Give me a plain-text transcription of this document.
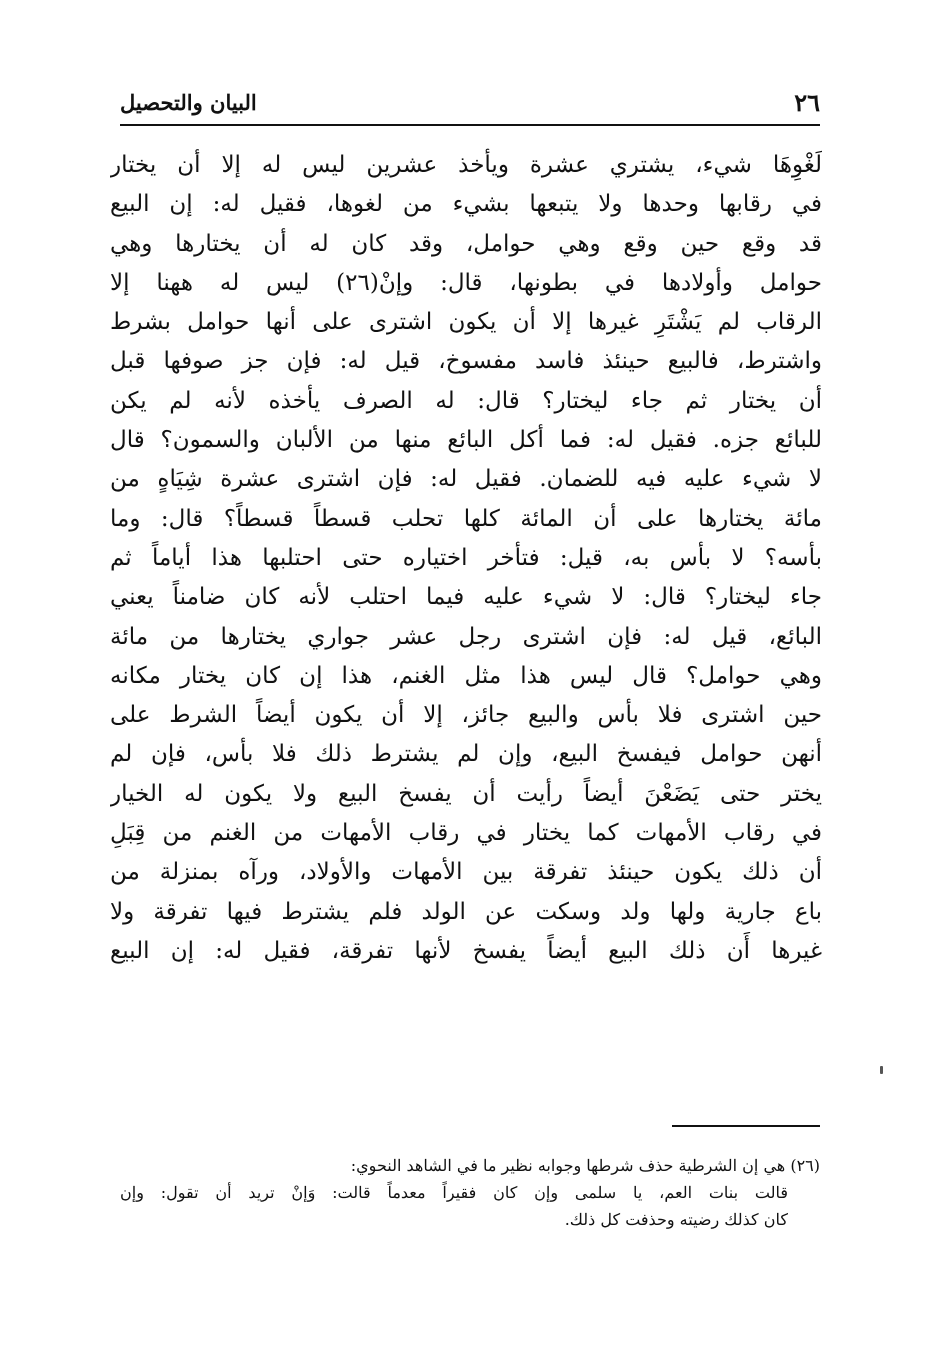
٢٦
البيان والتحصيل
لَغْوِهَا شيء، يشتري عشرة ويأخذ عشرين ليس له إلا أن يختار
في رقابها وحدها ولا يتبعها بشيء من لغوها، فقيل له: إن البيع
قد وقع حين وقع وهي حوامل، وقد كان له أن يختارها وهي
حوامل وأولادها في بطونها، قال: وإنْ(٢٦) ليس له ههنا إلا
الرقاب لم يَشْتَرِ غيرها إلا أن يكون اشترى على أنها حوامل بشرط
واشترط، فالبيع حينئذ فاسد مفسوخ، قيل له: فإن جز صوفها قبل
أن يختار ثم جاء ليختار؟ قال: له الصرف يأخذه لأنه لم يكن
للبائع جزه. فقيل له: فما أكل البائع منها من الألبان والسمون؟ قال
لا شيء عليه فيه للضمان. فقيل له: فإن اشترى عشرة شِيَاهٍ من
مائة يختارها على أن المائة كلها تحلب قسطاً قسطاً؟ قال: وما
بأسه؟ لا بأس به، قيل: فتأخر اختياره حتى احتلبها هذا أياماً ثم
جاء ليختار؟ قال: لا شيء عليه فيما احتلب لأنه كان ضامناً يعني
البائع، قيل له: فإن اشترى رجل عشر جواري يختارها من مائة
وهي حوامل؟ قال ليس هذا مثل الغنم، هذا إن كان يختار مكانه
حين اشترى فلا بأس والبيع جائز، إلا أن يكون أيضاً الشرط على
أنهن حوامل فيفسخ البيع، وإن لم يشترط ذلك فلا بأس، فإن لم
يختر حتى يَضَعْنَ أيضاً رأيت أن يفسخ البيع ولا يكون له الخيار
في رقاب الأمهات كما يختار في رقاب الأمهات من الغنم من قِبَلِ
أن ذلك يكون حينئذ تفرقة بين الأمهات والأولاد، ورآه بمنزلة من
باع جارية ولها ولد وسكت عن الولد فلم يشترط فيها تفرقة ولا
غيرها أَن ذلك البيع أيضاً يفسخ لأنها تفرقة، فقيل له: إن البيع
(٢٦) هي إن الشرطية حذف شرطها وجوابه نظير ما في الشاهد النحوي:
قالت بنات العم، يا سلمى وإن كان فقيراً معدماً قالت: وَإنْ تريد أن تقول: وإن
كان كذلك رضيته وحذفت كل ذلك.
